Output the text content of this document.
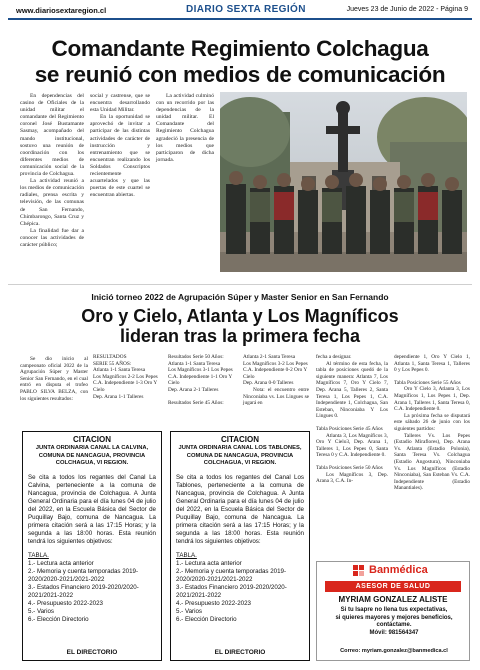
www.diariosextaregion.cl	DIARIO SEXTA REGIÓN	Jueves 23 de Junio de 2022 - Página 9
Comandante Regimiento Colchagua
se reunió con medios de comunicación

En dependencias del casino de Oficiales de la unidad militar el comandante del Regimiento coronel José Bustamante Sasmay, acompañado del mando institucional, sostuvo una reunión de coordinación con los diferentes medios de comunicación social de la provincia de Colchagua.

La actividad reunió a los medios de comunicación radiales, prensa escrita y televisión, de las comunas de San Fernando, Chimbarongo, Santa Cruz y Chépica.

La finalidad fue dar a conocer las actividades de carácter público;

social y castrense, que se encuentra desarrollando esta Unidad Militar.

En la oportunidad se aprovechó de invitar a participar de las distintas actividades de carácter de instrucción y entrenamiento que se encuentran realizando los Soldados Conscriptos recientemente acuartelados y que las puertas de este cuartel se encuentran abiertas.

La actividad culminó con un recorrido por las dependencias de la unidad militar. El Comandante del Regimiento Colchagua agradeció la presencia de los medios que participaron de dicha jornada.

Inició torneo 2022 de Agrupación Súper y Master Senior en San Fernando
Oro y Cielo, Atlanta y Los Magníficos
lideran tras la primera fecha
Se dio inicio al campeonato oficial 2022 de la Agrupación Súper y Master Senior San Fernando, en el cual entró en disputa el trofeo PABLO SILVA BELZA, con los siguientes resultados:

RESULTADOS

SERIE 55 AÑOS:

Atlanta 1-1 Santa Teresa

Los Magníficos 2-2 Los Pepes

C.A. Independiente 1-3 Oro Y Cielo

Dep. Arana 1-1 Talleres

Resultados Serie 50 Años:

Atlanta 1-1 Santa Teresa

Los Magníficos 3-1 Los Pepes

C.A. Independiente 1-1 Oro Y Cielo

Dep. Arana 2-1 Talleres

Resultados Serie 45 Años:

Atlanta 2-1 Santa Teresa

Los Magníficos 3-2 Los Pepes

C.A. Independiente 0-2 Oro Y Cielo

Dep. Arana 0-0 Talleres

Nota: el encuentro entre Ninconiaba vs. Los Lingues se jugará en

fecha a designar.

Al término de esta fecha, la tabla de posiciones quedó de la siguiente manera: Atlanta 7, Los Magníficos 7, Oro Y Cielo 7, Dep. Arana 5, Talleres 2, Santa Teresa 1, Los Pepes 1, C.A. Independiente 1, Colchagua, San Esteban, Ninconiaba Y Los Lingues 0.

Tabla Posiciones Serie 45 Años

Atlanta 3, Los Magníficos 3, Oro Y Cielo3, Dep. Arana 1, Talleres 1, Los Pepes 0, Santa Teresa 0 y C.A. Independiente 0.

Tabla Posiciones Serie 50 Años

Los Magníficos 3, Dep. Arana 3, C.A. In-

dependiente 1, Oro Y Cielo 1, Atlanta 1, Santa Teresa 1, Talleres 0 y Los Pepes 0.

Tabla Posiciones Serie 55 Años

Oro Y Cielo 3, Atlanta 3, Los Magníficos 1, Los Pepes 1, Dep. Arana 1, Talleres 1, Santa Teresa 0, C.A. Independiente 0.

La próxima fecha se disputará este sábado 26 de junio con los siguientes partidos:

Talleres Vs. Los Pepes (Estadio Miraflores), Dep. Arana Vs. Atlanta (Estadio Polonia), Santa Teresa Vs. Colchagua (Estadio Angostura), Ninconiaba Vs. Los Magníficos (Estadio Ninconiaba), San Esteban Vs. C.A. Independiente (Estadio Manantiales).

CITACION
JUNTA ORDINARIA CANAL LA CALVINA, COMUNA DE NANCAGUA, PROVINCIA COLCHAGUA, VI REGION.
Se cita a todos los regantes del Canal La Calvina, perteneciente a la comuna de Nancagua, provincia de Colchagua. A Junta General Ordinaria para el día lunes 04 de julio del 2022, en la Escuela Básica del Sector de Puquillay Bajo, comuna de Nancagua. La primera citación será a las 17:15 Horas; y la segunda a las 18:00 horas. Esta reunión tendrá los siguientes objetivos:
TABLA.
1.- Lectura acta anterior
2.- Memoria y cuenta temporadas 2019-2020/2020-2021/2021-2022
3.- Estados Financiero 2019-2020/2020-2021/2021-2022
4.- Presupuesto 2022-2023
5.- Varios
6.- Elección Directorio
EL DIRECTORIO
CITACION
JUNTA ORDINARIA CANAL LOS TABLONES, COMUNA DE NANCAGUA, PROVINCIA COLCHAGUA, VI REGION.
Se cita a todos los regantes del Canal Los Tablones, perteneciente a la comuna de Nancagua, provincia de Colchagua. A Junta General Ordinaria para el día lunes 04 de julio del 2022, en la Escuela Básica del Sector de Puquillay Bajo, comuna de Nancagua. La primera citación será a las 17:15 Horas; y la segunda a las 18:00 horas. Esta reunión tendrá los siguientes objetivos:
TABLA.
1.- Lectura acta anterior
2.- Memoria y cuenta temporadas 2019-2020/2020-2021/2021-2022
3.- Estados Financiero 2019-2020/2020-2021/2021-2022
4.- Presupuesto 2022-2023
5.- Varios
6.- Elección Directorio
EL DIRECTORIO
Banmédica
ASESOR DE SALUD
MYRIAM GONZALEZ ALISTE
Si tu Isapre no llena tus expectativas,
si quieres mayores y mejores beneficios,
contáctame.
Móvil: 981564347
Correo: myriam.gonzalez@banmedica.cl
